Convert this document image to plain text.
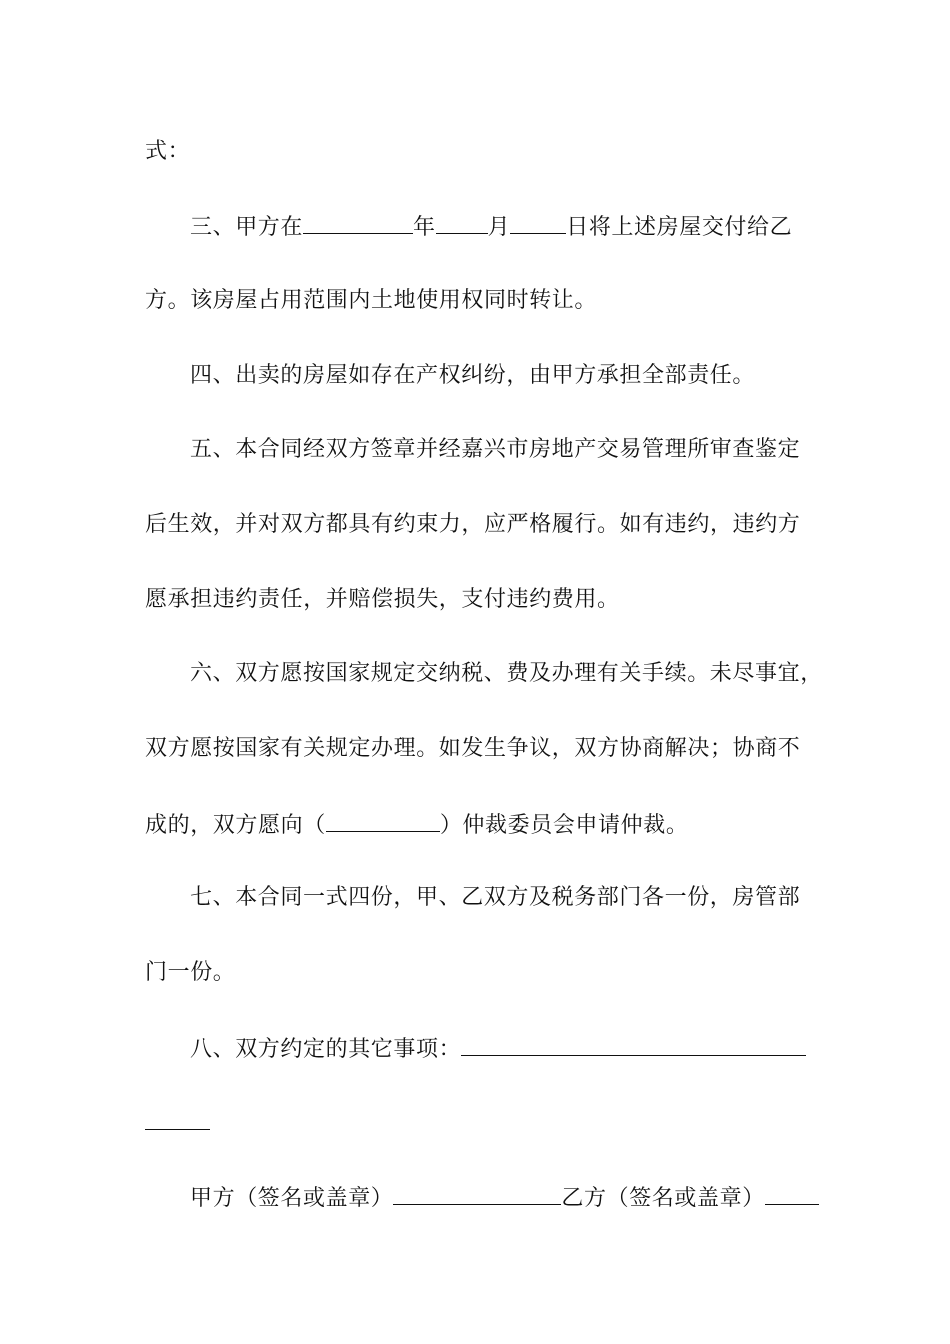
式：
三、甲方在	年 月	日将上述房屋交付给乙
方。该房屋占用范围内土地使用权同时转让。
四、出卖的房屋如存在产权纠纷，由甲方承担全部责任。
五、本合同经双方签章并经嘉兴市房地产交易管理所审查鉴定
后生效，并对双方都具有约束力，应严格履行。如有违约，违约方
愿承担违约责任，并赔偿损失，支付违约费用。
六、双方愿按国家规定交纳税、费及办理有关手续。未尽事宜，
双方愿按国家有关规定办理。如发生争议，双方协商解决；协商不
成的，双方愿向（	）仲裁委员会申请仲裁。
七、本合同一式四份，甲、乙双方及税务部门各一份，房管部
门一份。
八、双方约定的其它事项：
甲方（签名或盖章）	乙方（签名或盖章）
